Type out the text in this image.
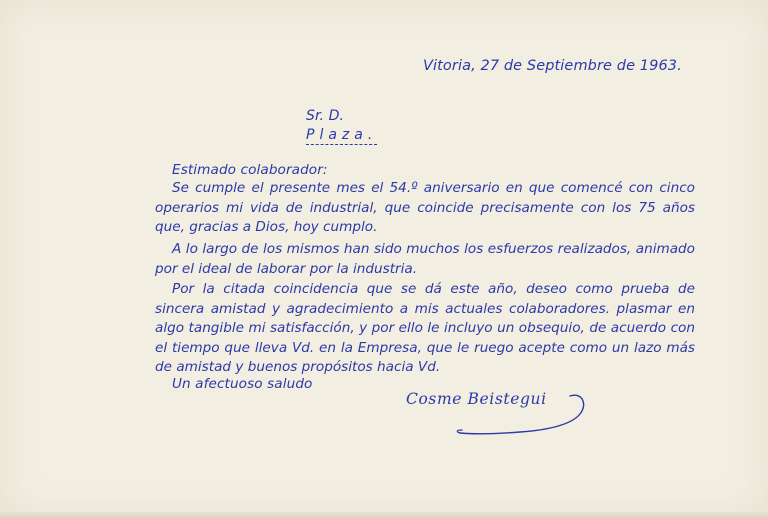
Vitoria, 27 de Septiembre de 1963.
Sr. D.
Plaza.
Estimado colaborador:
Se cumple el presente mes el 54.º aniversario en que comencé con cinco operarios mi vida de industrial, que coincide precisamente con los 75 años que, gracias a Dios, hoy cumplo.
A lo largo de los mismos han sido muchos los esfuerzos realizados, animado por el ideal de laborar por la industria.
Por la citada coincidencia que se dá este año, deseo como prueba de sincera amistad y agradecimiento a mis actuales colaboradores. plasmar en algo tangible mi satisfacción, y por ello le incluyo un obsequio, de acuerdo con el tiempo que lleva Vd. en la Empresa, que le ruego acepte como un lazo más de amistad y buenos propósitos hacia Vd.
Un afectuoso saludo
Cosme Beistegui
